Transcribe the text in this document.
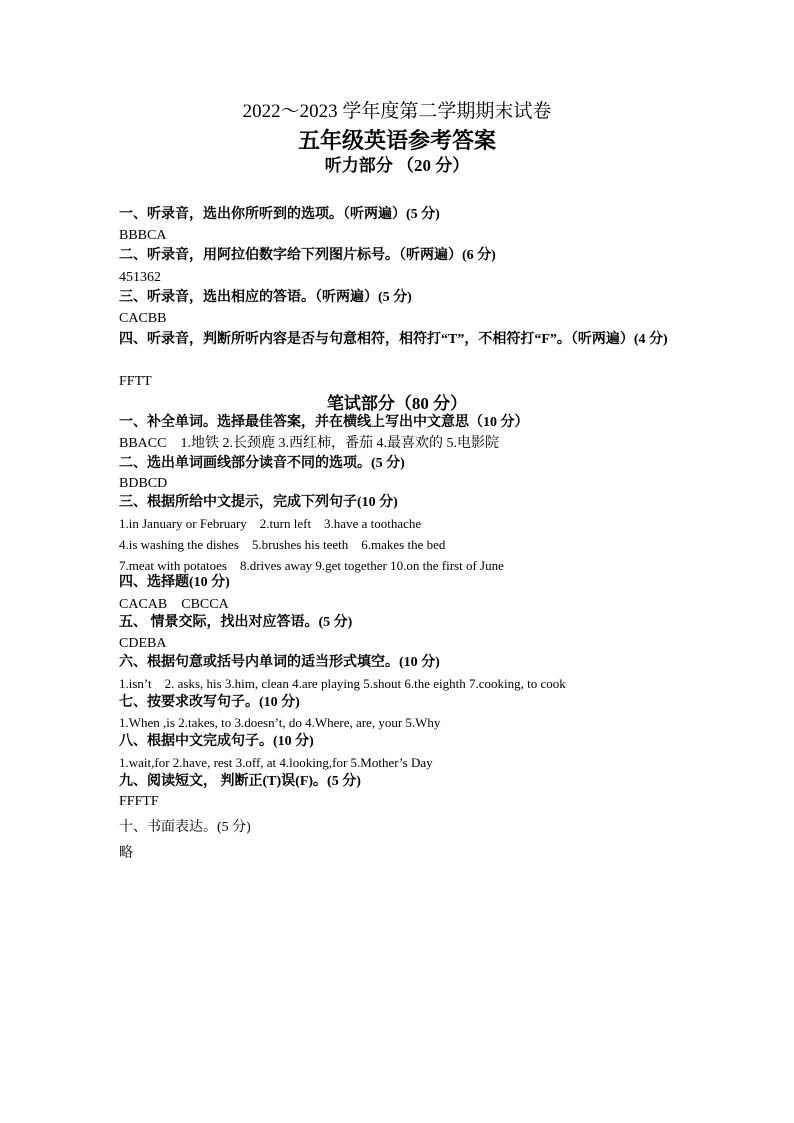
2022～2023 学年度第二学期期末试卷
五年级英语参考答案
听力部分 （20 分）
一、听录音，选出你所听到的选项。（听两遍）(5 分)
BBBCA
二、听录音，用阿拉伯数字给下列图片标号。（听两遍）(6 分)
451362
三、听录音，选出相应的答语。（听两遍）(5 分)
CACBB
四、听录音，判断所听内容是否与句意相符，相符打“T”，不相符打“F”。（听两遍）(4 分)
FFTT
笔试部分（80 分）
一、补全单词。选择最佳答案，并在横线上写出中文意思（10 分）
BBACC　1.地铁 2.长颈鹿 3.西红柿，番茄 4.最喜欢的 5.电影院
二、选出单词画线部分读音不同的选项。(5 分)
BDBCD
三、根据所给中文提示，完成下列句子(10 分)
1.in January or February　2.turn left　3.have a toothache
4.is washing the dishes　5.brushes his teeth　6.makes the bed
7.meat with potatoes　8.drives away 9.get together 10.on the first of June
四、选择题(10 分)
CACAB　CBCCA
五、 情景交际，找出对应答语。(5 分)
CDEBA
六、根据句意或括号内单词的适当形式填空。(10 分)
1.isn’t　2. asks, his 3.him, clean 4.are playing 5.shout 6.the eighth 7.cooking, to cook
七、按要求改写句子。(10 分)
1.When ,is 2.takes, to 3.doesn’t, do 4.Where, are, your 5.Why
八、根据中文完成句子。(10 分)
1.wait,for 2.have, rest 3.off, at 4.looking,for 5.Mother’s Day
九、阅读短文， 判断正(T)误(F)。(5 分)
FFFTF
十、书面表达。(5 分)
略
